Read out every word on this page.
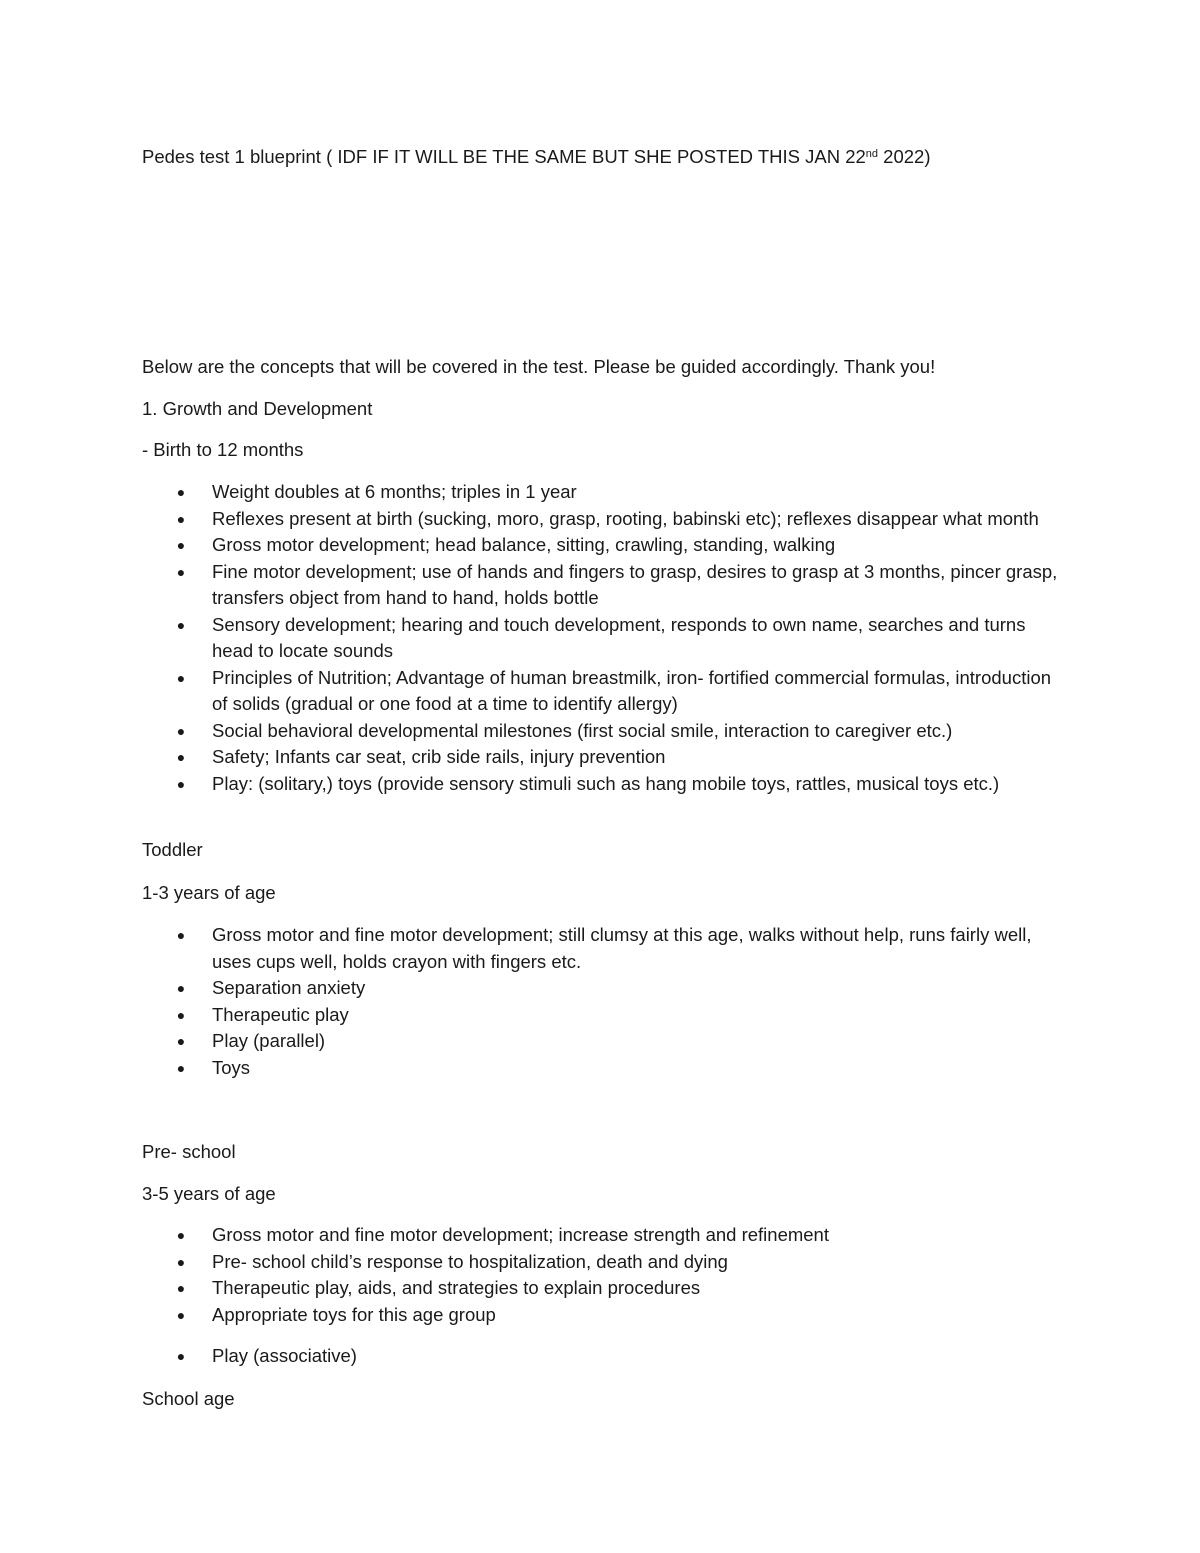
Pedes test 1 blueprint ( IDF IF IT WILL BE THE SAME BUT SHE POSTED THIS JAN 22nd 2022)
Below are the concepts that will be covered in the test. Please be guided accordingly. Thank you!
1. Growth and Development
- Birth to 12 months
● Weight doubles at 6 months; triples in 1 year
● Reflexes present at birth (sucking, moro, grasp, rooting, babinski etc); reflexes disappear what month
● Gross motor development; head balance, sitting, crawling, standing, walking
● Fine motor development; use of hands and fingers to grasp, desires to grasp at 3 months, pincer grasp, transfers object from hand to hand, holds bottle
● Sensory development; hearing and touch development, responds to own name, searches and turns head to locate sounds
● Principles of Nutrition; Advantage of human breastmilk, iron- fortified commercial formulas, introduction of solids (gradual or one food at a time to identify allergy)
● Social behavioral developmental milestones (first social smile, interaction to caregiver etc.)
● Safety; Infants car seat, crib side rails, injury prevention
● Play: (solitary,) toys (provide sensory stimuli such as hang mobile toys, rattles, musical toys etc.)
Toddler
1-3 years of age
● Gross motor and fine motor development; still clumsy at this age, walks without help, runs fairly well, uses cups well, holds crayon with fingers etc.
● Separation anxiety
● Therapeutic play
● Play (parallel)
● Toys
Pre- school
3-5 years of age
● Gross motor and fine motor development; increase strength and refinement
● Pre- school child’s response to hospitalization, death and dying
● Therapeutic play, aids, and strategies to explain procedures
● Appropriate toys for this age group
● Play (associative)
School age
